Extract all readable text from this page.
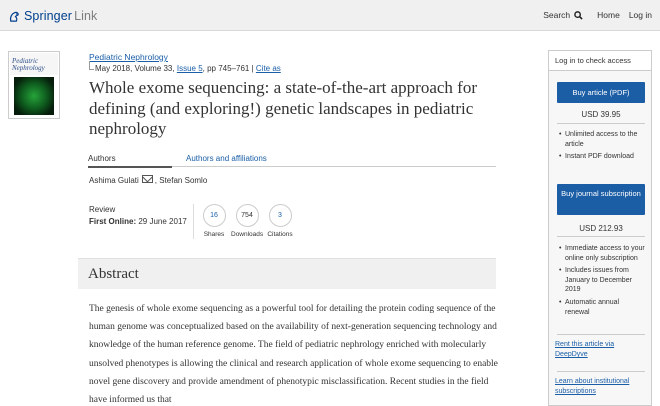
Springer Link	Search	Home Log in
Pediatric Nephrology
Pediatric Nephrology
May 2018, Volume 33,
Issue 5 , pp 745–761 |
Cite as
Whole exome sequencing: a state-of-the-art approach for defining (and exploring!) genetic landscapes in pediatric nephrology
Authors	Authors and affiliations
Ashima Gulati , Stefan Somlo
Review
First Online: 29 June 2017
16
Shares
754
Downloads
3
Citations
Abstract

The genesis of whole exome sequencing as a powerful tool for detailing the protein coding sequence of the human genome was conceptualized based on the availability of next-generation sequencing technology and knowledge of the human reference genome. The field of pediatric nephrology enriched with molecularly unsolved phenotypes is allowing the clinical and research application of whole exome sequencing to enable novel gene discovery and provide amendment of phenotypic misclassification. Recent studies in the field have informed us that

Log in to check access
Buy article (PDF)
USD 39.95
• Unlimited access to the article
• Instant PDF download
Buy journal subscription
USD 212.93
• Immediate access to your online only subscription
• Includes issues from January to December 2019
• Automatic annual renewal
Rent this article via DeepDyve
Learn about institutional subscriptions
